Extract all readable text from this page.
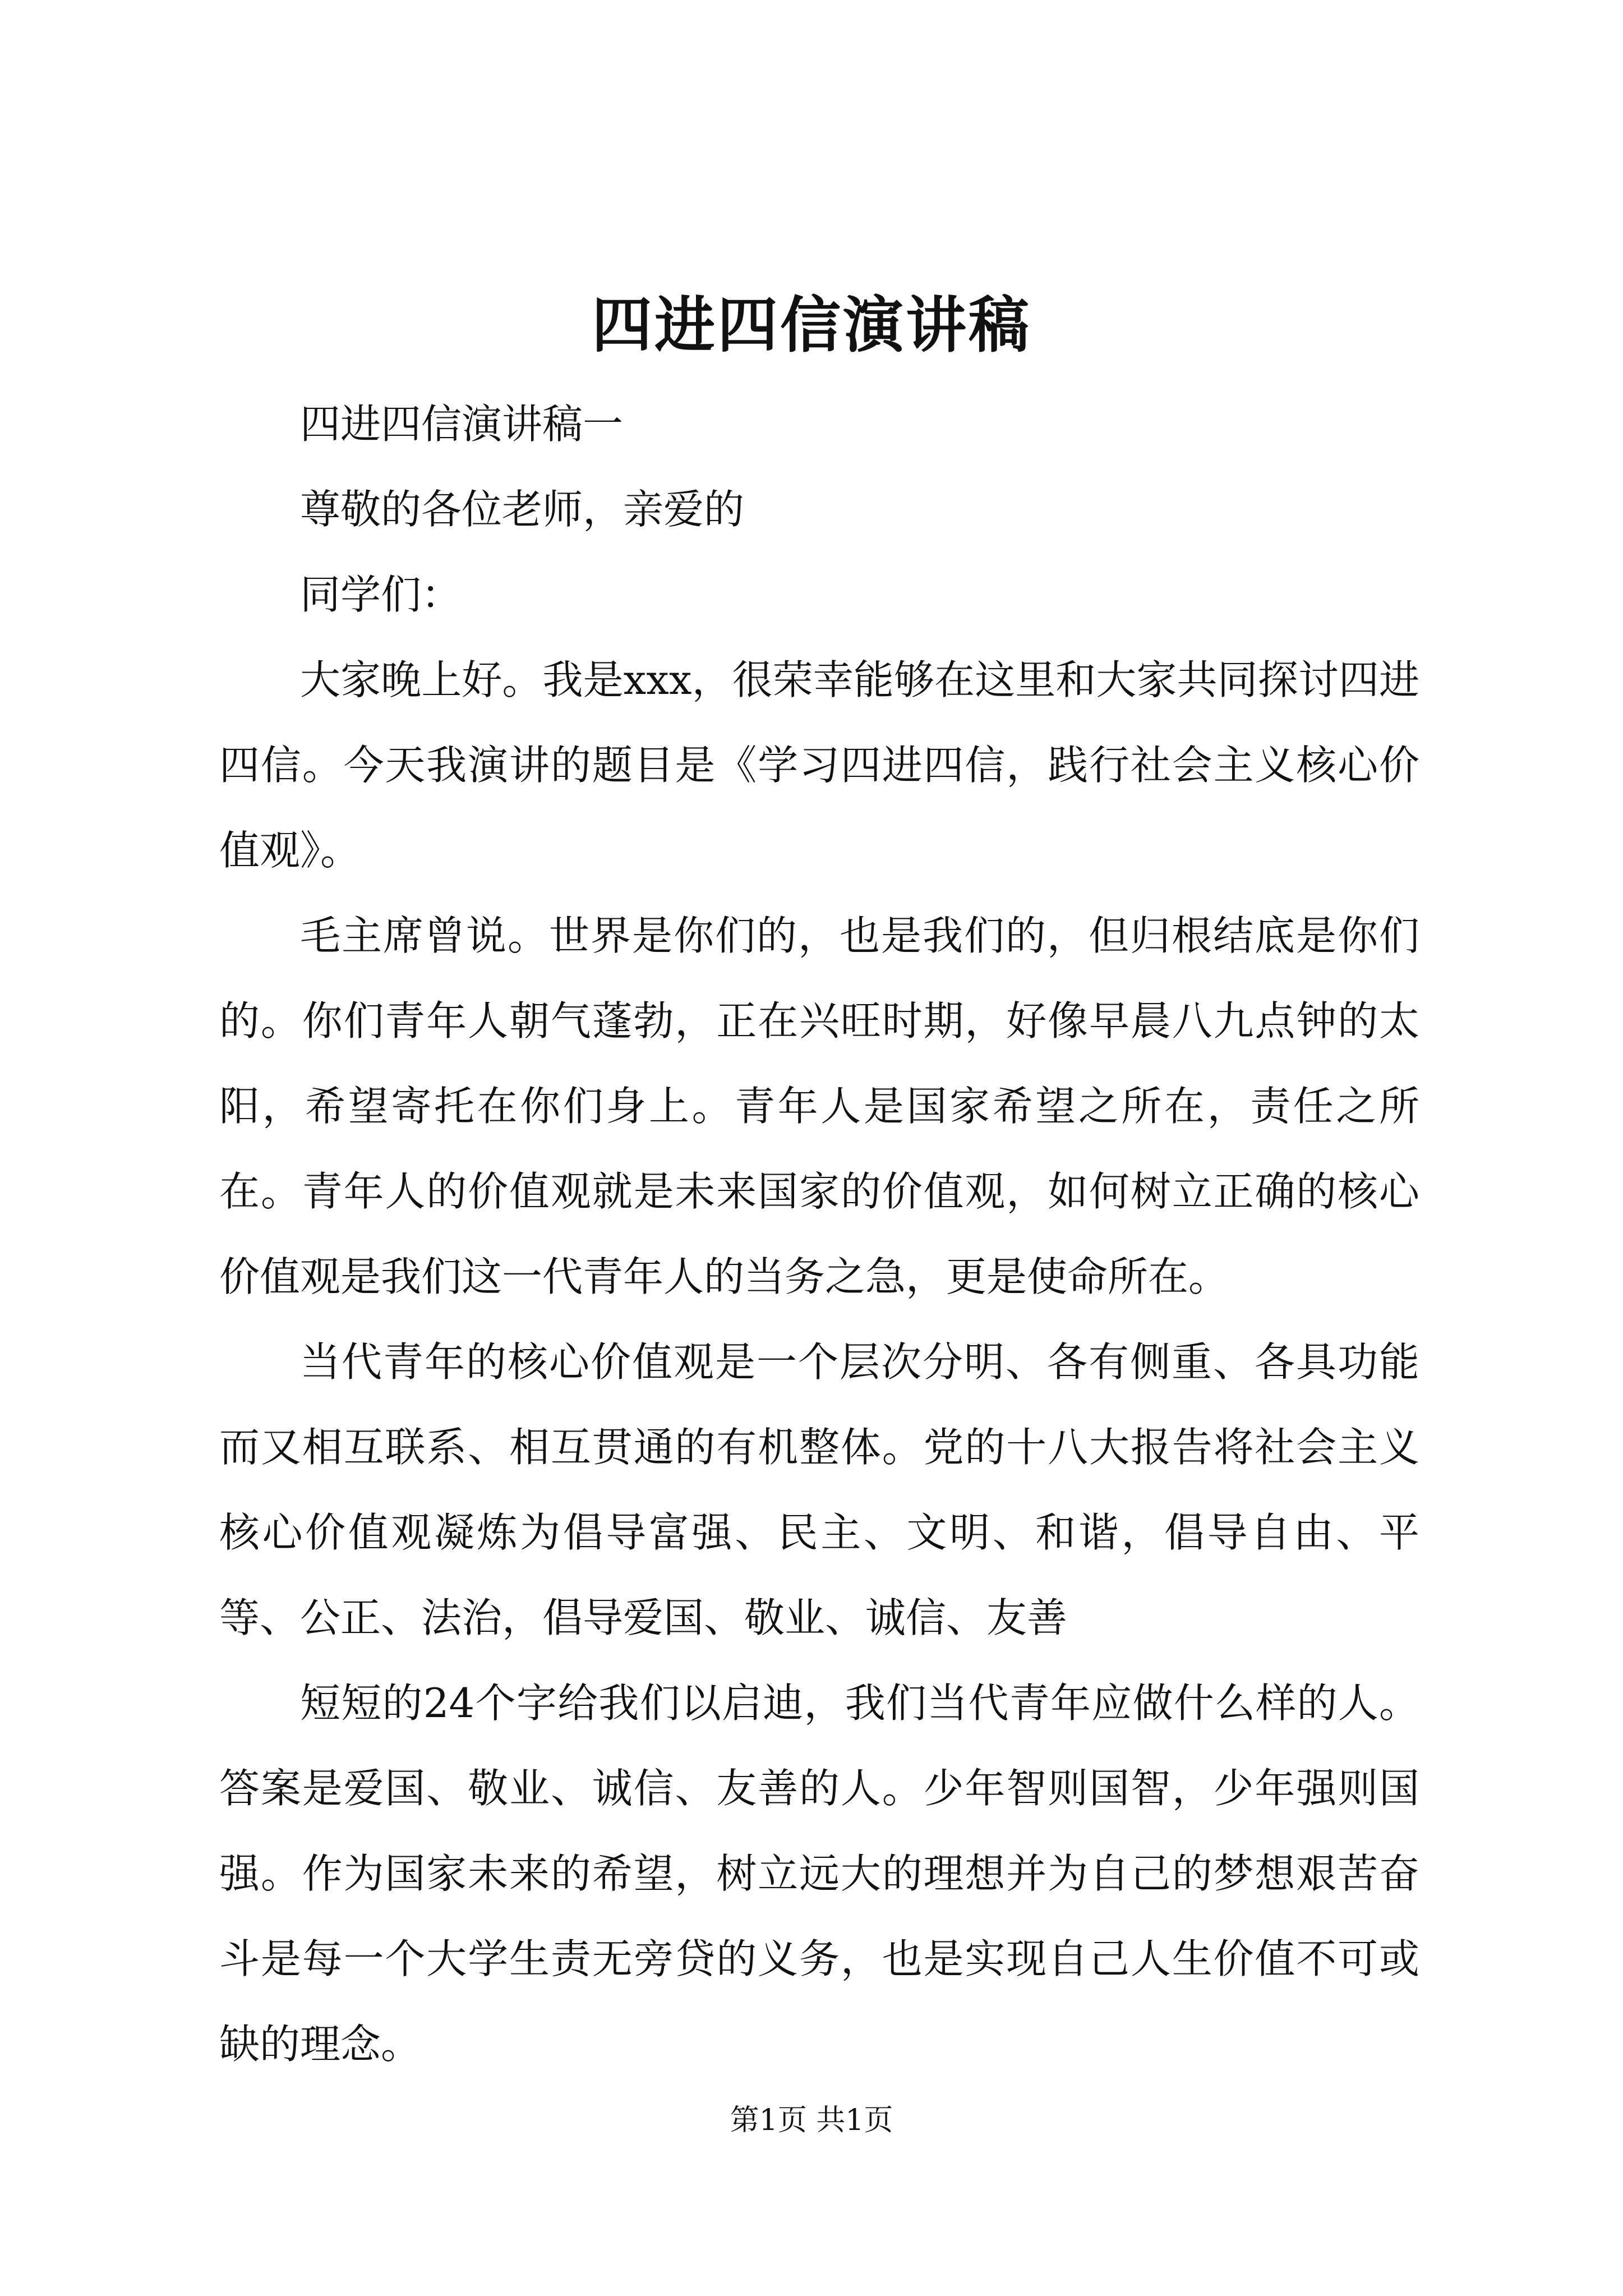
四进四信演讲稿

四进四信演讲稿一

尊敬的各位老师，亲爱的

同学们：

大家晚上好。我是xxx，很荣幸能够在这里和大家共同探讨四进四信。今天我演讲的题目是《学习四进四信，践行社会主义核心价值观》。

毛主席曾说。世界是你们的，也是我们的，但归根结底是你们的。你们青年人朝气蓬勃，正在兴旺时期，好像早晨八九点钟的太阳，希望寄托在你们身上。青年人是国家希望之所在，责任之所在。青年人的价值观就是未来国家的价值观，如何树立正确的核心价值观是我们这一代青年人的当务之急，更是使命所在。

当代青年的核心价值观是一个层次分明、各有侧重、各具功能而又相互联系、相互贯通的有机整体。党的十八大报告将社会主义核心价值观凝炼为倡导富强、民主、文明、和谐，倡导自由、平等、公正、法治，倡导爱国、敬业、诚信、友善

短短的24个字给我们以启迪，我们当代青年应做什么样的人。答案是爱国、敬业、诚信、友善的人。少年智则国智，少年强则国强。作为国家未来的希望，树立远大的理想并为自己的梦想艰苦奋斗是每一个大学生责无旁贷的义务，也是实现自己人生价值不可或缺的理念。

第1页 共1页
